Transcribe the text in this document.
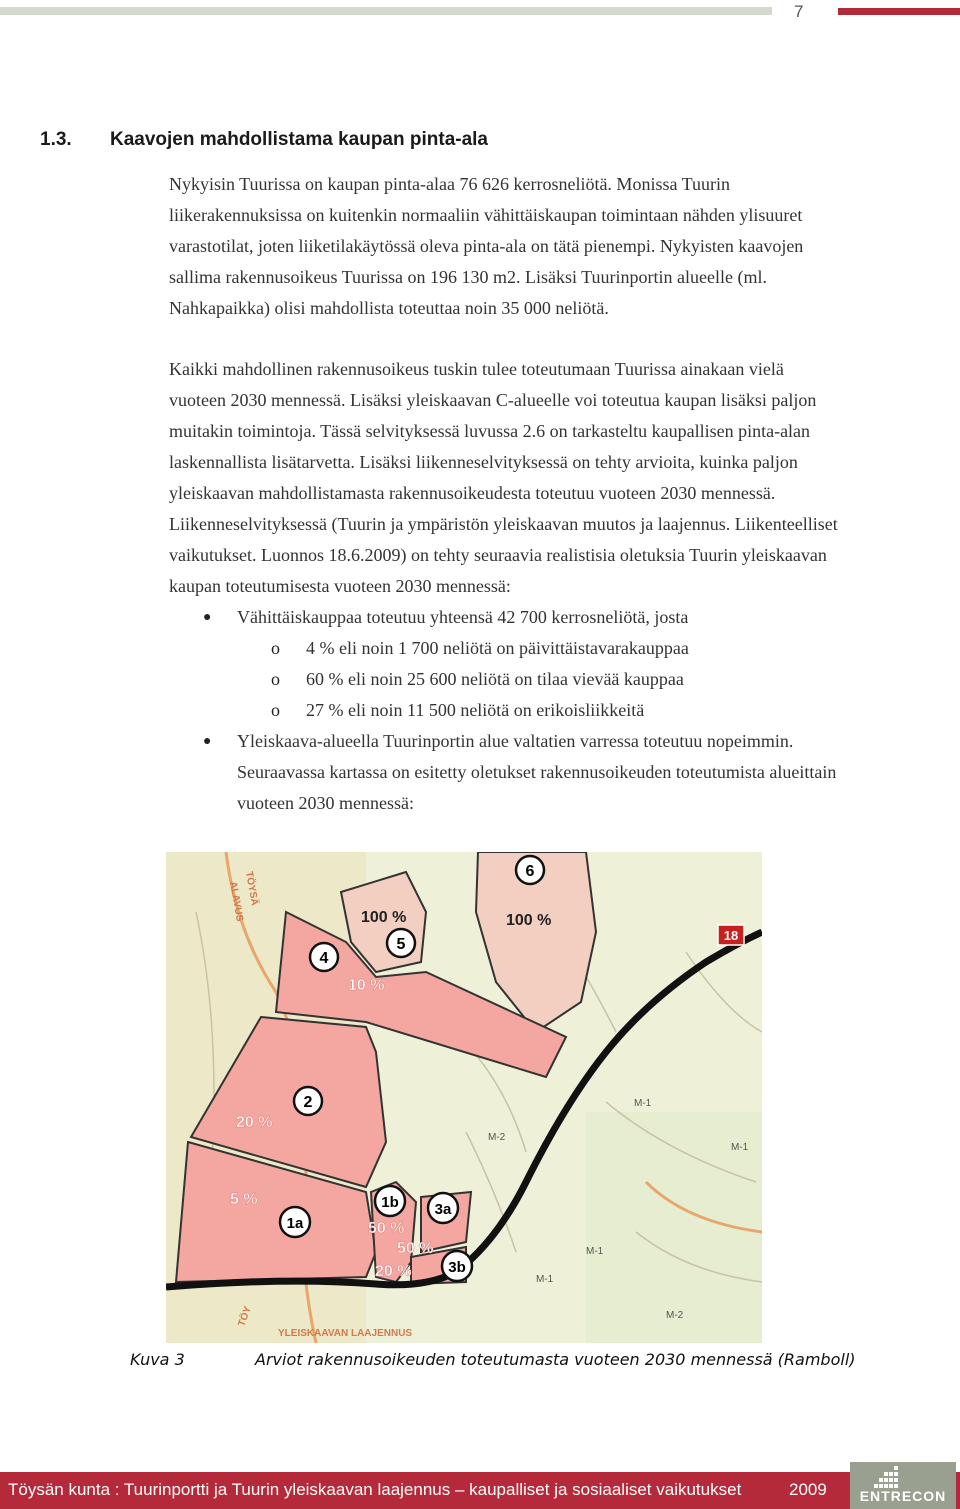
7
1.3. Kaavojen mahdollistama kaupan pinta-ala
Nykyisin Tuurissa on kaupan pinta-alaa 76 626 kerrosneliötä. Monissa Tuurin
liikerakennuksissa on kuitenkin normaaliin vähittäiskaupan toimintaan nähden ylisuuret
varastotilat, joten liiketilakäytössä oleva pinta-ala on tätä pienempi. Nykyisten kaavojen
sallima rakennusoikeus Tuurissa on 196 130 m2. Lisäksi Tuurinportin alueelle (ml.
Nahkapaikka) olisi mahdollista toteuttaa noin 35 000 neliötä.
Kaikki mahdollinen rakennusoikeus tuskin tulee toteutumaan Tuurissa ainakaan vielä
vuoteen 2030 mennessä. Lisäksi yleiskaavan C-alueelle voi toteutua kaupan lisäksi paljon
muitakin toimintoja. Tässä selvityksessä luvussa 2.6 on tarkasteltu kaupallisen pinta-alan
laskennallista lisätarvetta. Lisäksi liikenneselvityksessä on tehty arvioita, kuinka paljon
yleiskaavan mahdollistamasta rakennusoikeudesta toteutuu vuoteen 2030 mennessä.
Liikenneselvityksessä (Tuurin ja ympäristön yleiskaavan muutos ja laajennus. Liikenteelliset
vaikutukset. Luonnos 18.6.2009) on tehty seuraavia realistisia oletuksia Tuurin yleiskaavan
kaupan toteutumisesta vuoteen 2030 mennessä:
● Vähittäiskauppaa toteutuu yhteensä 42 700 kerrosneliötä, josta
o 4 % eli noin 1 700 neliötä on päivittäistavarakauppaa
o 60 % eli noin 25 600 neliötä on tilaa vievää kauppaa
o 27 % eli noin 11 500 neliötä on erikoisliikkeitä
● Yleiskaava-alueella Tuurinportin alue valtatien varressa toteutuu nopeimmin.
Seuraavassa kartassa on esitetty oletukset rakennusoikeuden toteutumista alueittain
vuoteen 2030 mennessä:
18
6
5
4
2
1a
1b 3a
3b
100 %
100 %
10 %
20 %
5 %
50 %
50 %
20 %
M-2
M-1
M-1
M-2
M-1
M-1
TÖYSÄ
ALAVUS
TÖY
YLEISKAAVAN LAAJENNUS
Kuva 3	Arviot rakennusoikeuden toteutumasta vuoteen 2030 mennessä (Ramboll)
Töysän kunta : Tuurinportti ja Tuurin yleiskaavan laajennus – kaupalliset ja sosiaaliset vaikutukset	2009	ENTRECON
